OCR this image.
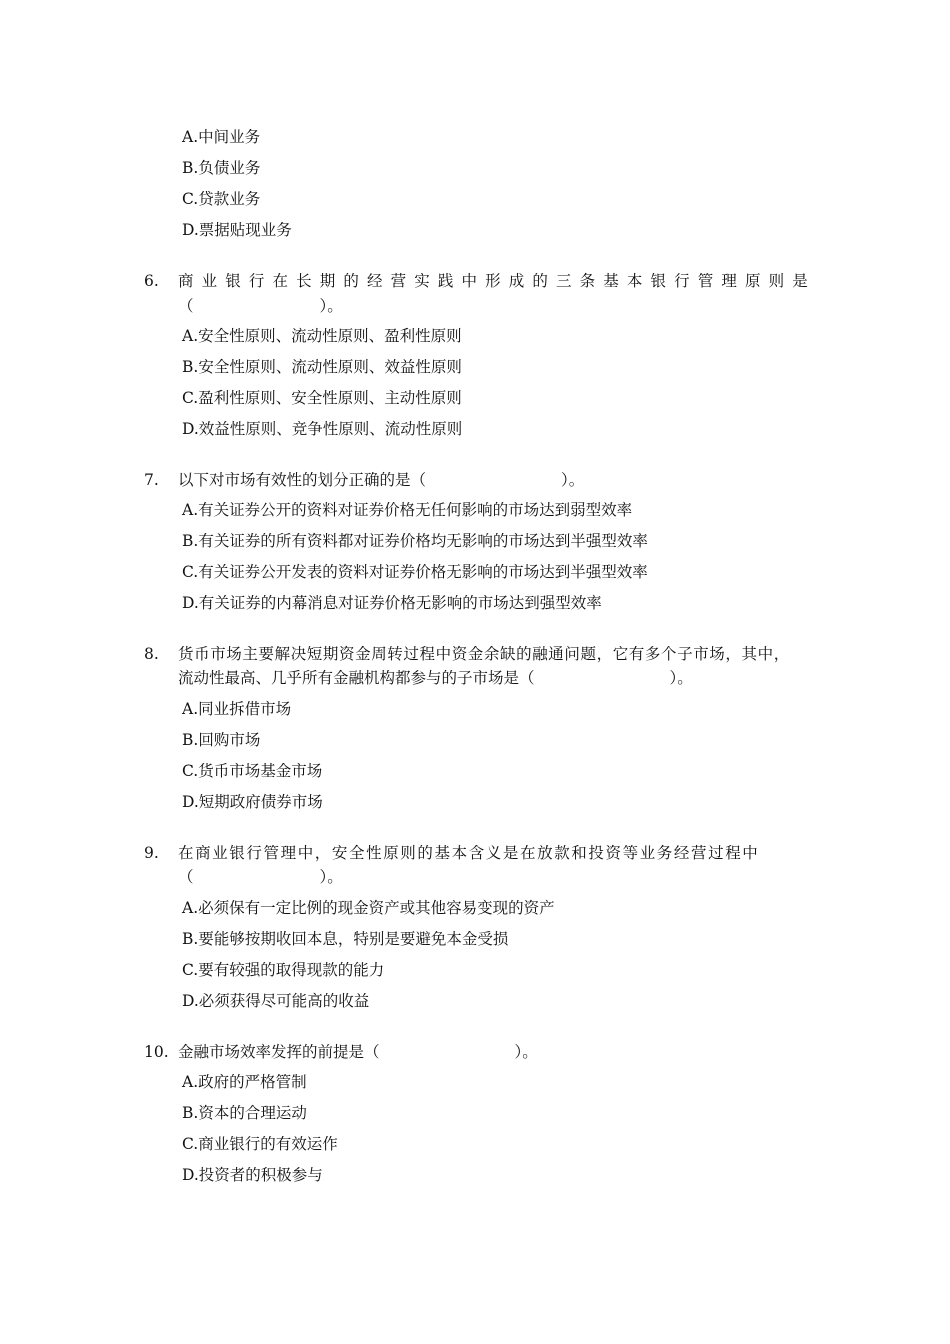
A.中间业务
B.负债业务
C.贷款业务
D.票据贴现业务
6. 商 业 银 行 在 长 期 的 经 营 实 践 中 形 成 的 三 条 基 本 银 行 管 理 原 则 是
（	）。
A.安全性原则、流动性原则、盈利性原则
B.安全性原则、流动性原则、效益性原则
C.盈利性原则、安全性原则、主动性原则
D.效益性原则、竞争性原则、流动性原则
7. 以下对市场有效性的划分正确的是（	）。
A.有关证券公开的资料对证券价格无任何影响的市场达到弱型效率
B.有关证券的所有资料都对证券价格均无影响的市场达到半强型效率
C.有关证券公开发表的资料对证券价格无影响的市场达到半强型效率
D.有关证券的内幕消息对证券价格无影响的市场达到强型效率
8. 货币市场主要解决短期资金周转过程中资金余缺的融通问题，它有多个子市场，其中，
流动性最高、几乎所有金融机构都参与的子市场是（	）。
A.同业拆借市场
B.回购市场
C.货币市场基金市场
D.短期政府债券市场
9. 在商业银行管理中，安全性原则的基本含义是在放款和投资等业务经营过程中
（	）。
A.必须保有一定比例的现金资产或其他容易变现的资产
B.要能够按期收回本息，特别是要避免本金受损
C.要有较强的取得现款的能力
D.必须获得尽可能高的收益
10. 金融市场效率发挥的前提是（	）。
A.政府的严格管制
B.资本的合理运动
C.商业银行的有效运作
D.投资者的积极参与
